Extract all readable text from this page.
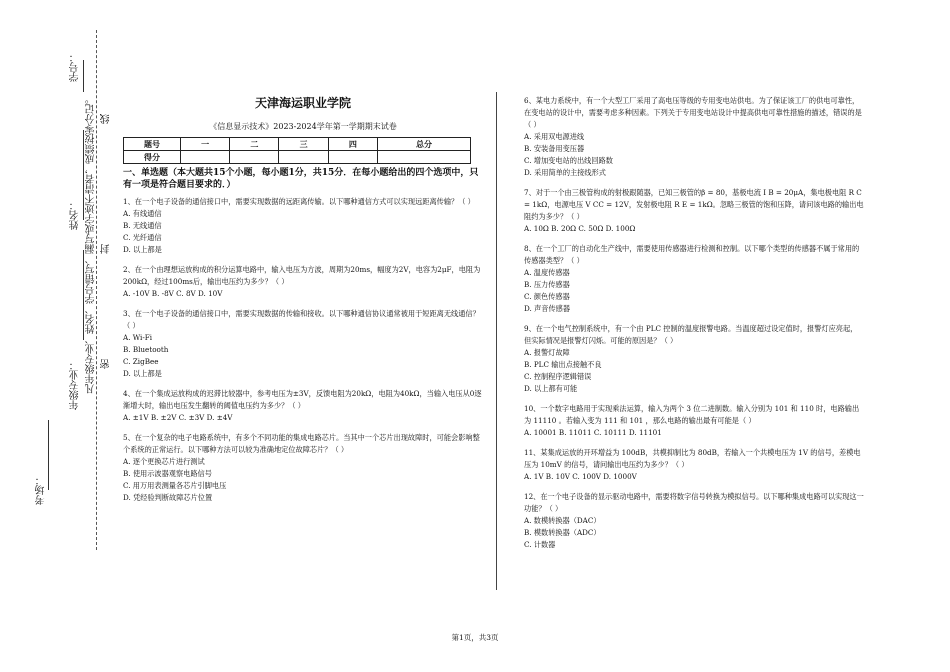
学号：
姓名：
年级专业： 凡年级专业、姓名、学号错写、漏写或字迹不清者，成绩按零分记。 线
封
密
考场：
天津海运职业学院
《信息显示技术》2023-2024学年第一学期期末试卷
题号	一	二	三	四	总分
得分					
一、单选题（本大题共15个小题，每小题1分，共15分．在每小题给出的四个选项中，只有一项是符合题目要求的．）

1、在一个电子设备的通信接口中，需要实现数据的远距离传输。以下哪种通信方式可以实现远距离传输？（ ）

A. 有线通信

B. 无线通信

C. 光纤通信

D. 以上都是

2、在一个由理想运放构成的积分运算电路中，输入电压为方波，周期为20ms，幅度为2V，电容为2μF，电阻为200kΩ，经过100ms后，输出电压约为多少？（ ）

A. -10V B. -8V C. 8V D. 10V

3、在一个电子设备的通信接口中，需要实现数据的传输和接收。以下哪种通信协议通常被用于短距离无线通信？（ ）

A. Wi-Fi

B. Bluetooth

C. ZigBee

D. 以上都是

4、在一个集成运放构成的迟滞比较器中，参考电压为±3V，反馈电阻为20kΩ，电阻为40kΩ，当输入电压从0逐渐增大时，输出电压发生翻转的阈值电压约为多少？（ ）

A. ±1V B. ±2V C. ±3V D. ±4V

5、在一个复杂的电子电路系统中，有多个不同功能的集成电路芯片。当其中一个芯片出现故障时，可能会影响整个系统的正常运行。以下哪种方法可以较为准确地定位故障芯片？（ ）

A. 逐个更换芯片进行测试

B. 使用示波器观察电路信号

C. 用万用表测量各芯片引脚电压

D. 凭经验判断故障芯片位置

6、某电力系统中，有一个大型工厂采用了高电压等级的专用变电站供电。为了保证该工厂的供电可靠性，在变电站的设计中，需要考虑多种因素。下列关于专用变电站设计中提高供电可靠性措施的描述，错误的是（ ）

A. 采用双电源进线

B. 安装备用变压器

C. 增加变电站的出线回路数

D. 采用简单的主接线形式

7、对于一个由三极管构成的射极跟随器，已知三极管的β = 80，基极电流 I B = 20μA，集电极电阻 R C = 1kΩ，电源电压 V CC = 12V，发射极电阻 R E = 1kΩ。忽略三极管的饱和压降，请问该电路的输出电阻约为多少？（ ）

A. 10Ω B. 20Ω C. 50Ω D. 100Ω

8、在一个工厂的自动化生产线中，需要使用传感器进行检测和控制。以下哪个类型的传感器不属于常用的传感器类型？（ ）

A. 温度传感器

B. 压力传感器

C. 颜色传感器

D. 声音传感器

9、在一个电气控制系统中，有一个由 PLC 控制的温度报警电路。当温度超过设定值时，报警灯应亮起，但实际情况是报警灯闪烁。可能的原因是？（ ）

A. 报警灯故障

B. PLC 输出点接触不良

C. 控制程序逻辑错误

D. 以上都有可能

10、一个数字电路用于实现乘法运算，输入为两个 3 位二进制数。输入分别为 101 和 110 时，电路输出为 11110 。若输入变为 111 和 101 ，那么电路的输出最有可能是（ ）

A. 10001 B. 11011 C. 10111 D. 11101

11、某集成运放的开环增益为 100dB，共模抑制比为 80dB，若输入一个共模电压为 1V 的信号，差模电压为 10mV 的信号，请问输出电压约为多少？（ ）

A. 1V B. 10V C. 100V D. 1000V

12、在一个电子设备的显示驱动电路中，需要将数字信号转换为模拟信号。以下哪种集成电路可以实现这一功能？（ ）

A. 数模转换器（DAC）

B. 模数转换器（ADC）

C. 计数器

第1页，共3页
